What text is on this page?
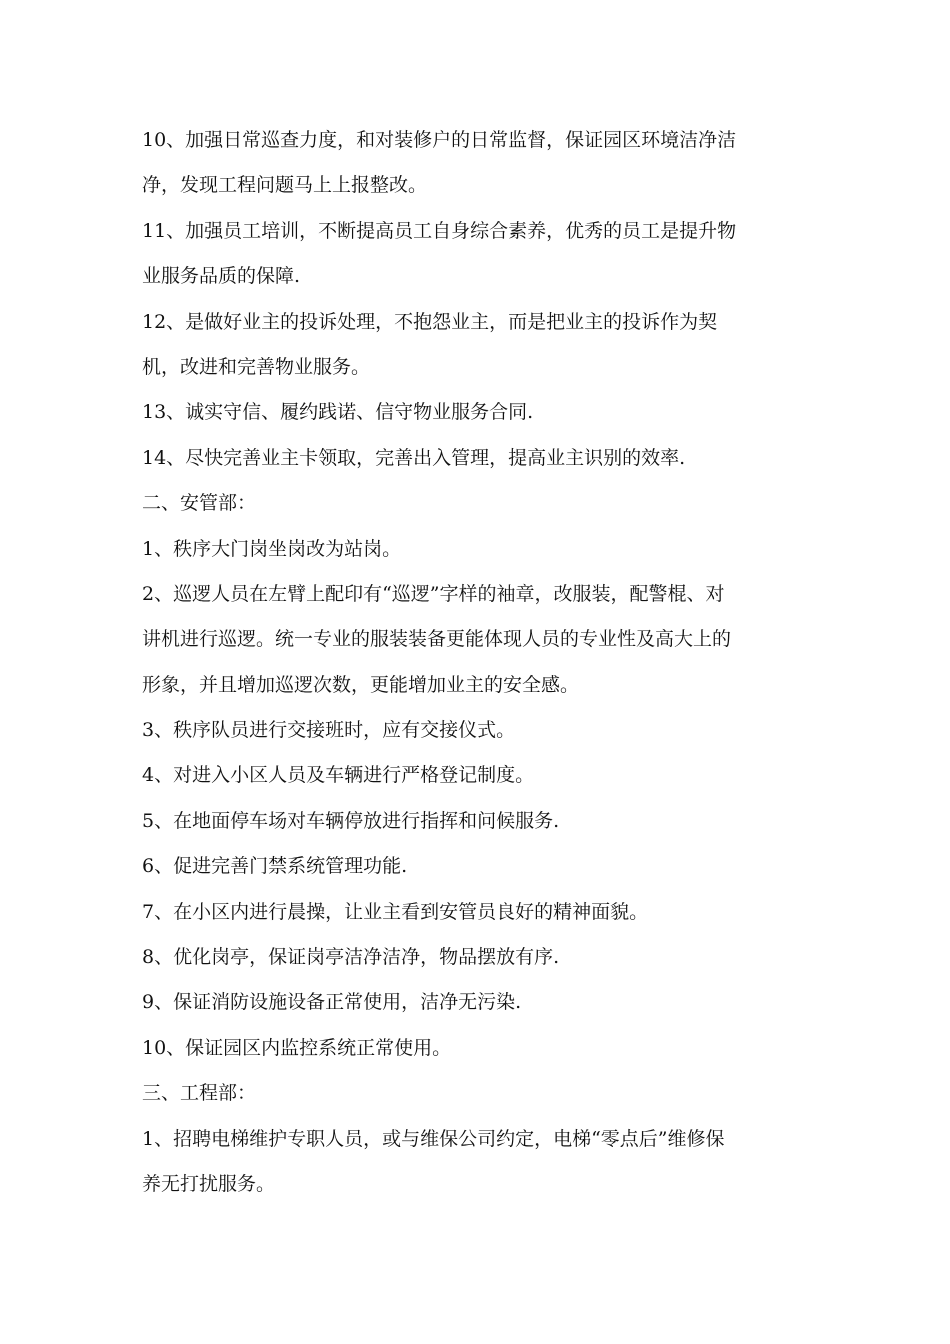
10、加强日常巡查力度，和对装修户的日常监督，保证园区环境洁净洁
净，发现工程问题马上上报整改。
11、加强员工培训，不断提高员工自身综合素养，优秀的员工是提升物
业服务品质的保障.
12、是做好业主的投诉处理，不抱怨业主，而是把业主的投诉作为契
机，改进和完善物业服务。
13、诚实守信、履约践诺、信守物业服务合同.
14、尽快完善业主卡领取，完善出入管理，提高业主识别的效率.
二、安管部：
1、秩序大门岗坐岗改为站岗。
2、巡逻人员在左臂上配印有“巡逻”字样的袖章，改服装，配警棍、对
讲机进行巡逻。统一专业的服装装备更能体现人员的专业性及高大上的
形象，并且增加巡逻次数，更能增加业主的安全感。
3、秩序队员进行交接班时，应有交接仪式。
4、对进入小区人员及车辆进行严格登记制度。
5、在地面停车场对车辆停放进行指挥和问候服务.
6、促进完善门禁系统管理功能.
7、在小区内进行晨操，让业主看到安管员良好的精神面貌。
8、优化岗亭，保证岗亭洁净洁净，物品摆放有序.
9、保证消防设施设备正常使用，洁净无污染.
10、保证园区内监控系统正常使用。
三、工程部：
1、招聘电梯维护专职人员，或与维保公司约定，电梯“零点后”维修保
养无打扰服务。
